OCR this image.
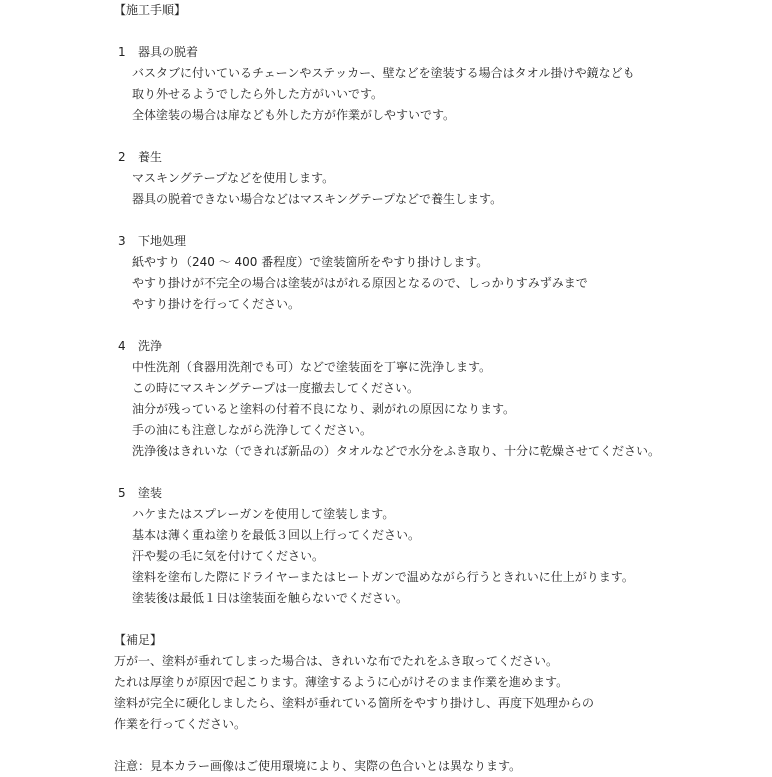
【施工手順】
1 器具の脱着
バスタブに付いているチェーンやステッカー、壁などを塗装する場合はタオル掛けや鏡なども
取り外せるようでしたら外した方がいいです。
全体塗装の場合は扉なども外した方が作業がしやすいです。
2 養生
マスキングテープなどを使用します。
器具の脱着できない場合などはマスキングテープなどで養生します。
3 下地処理
紙やすり（240 ～ 400 番程度）で塗装箇所をやすり掛けします。
やすり掛けが不完全の場合は塗装がはがれる原因となるので、しっかりすみずみまで
やすり掛けを行ってください。
4 洗浄
中性洗剤（食器用洗剤でも可）などで塗装面を丁寧に洗浄します。
この時にマスキングテープは一度撤去してください。
油分が残っていると塗料の付着不良になり、剥がれの原因になります。
手の油にも注意しながら洗浄してください。
洗浄後はきれいな（できれば新品の）タオルなどで水分をふき取り、十分に乾燥させてください。
5 塗装
ハケまたはスプレーガンを使用して塗装します。
基本は薄く重ね塗りを最低３回以上行ってください。
汗や髪の毛に気を付けてください。
塗料を塗布した際にドライヤーまたはヒートガンで温めながら行うときれいに仕上がります。
塗装後は最低１日は塗装面を触らないでください。
【補足】
万が一、塗料が垂れてしまった場合は、きれいな布でたれをふき取ってください。
たれは厚塗りが原因で起こります。薄塗するように心がけそのまま作業を進めます。
塗料が完全に硬化しましたら、塗料が垂れている箇所をやすり掛けし、再度下処理からの
作業を行ってください。
注意：見本カラー画像はご使用環境により、実際の色合いとは異なります。
